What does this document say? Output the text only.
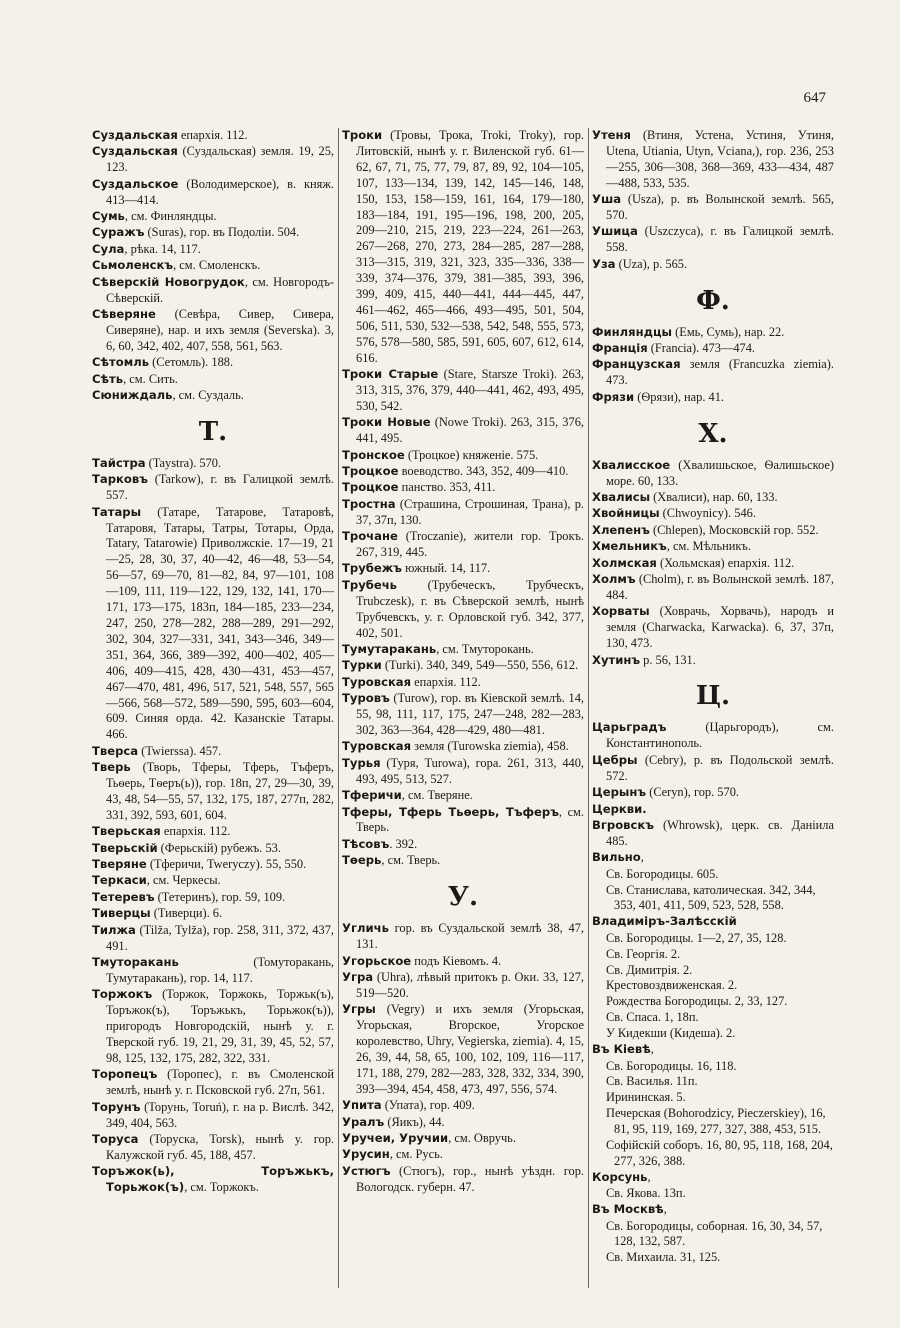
647
Суздальская епархія. 112.
Суздальская (Суздальская) земля. 19, 25, 123.
Суздальское (Володимерское), в. княж. 413—414.
Сумь, см. Финляндцы.
Суражъ (Suras), гор. въ Подоліи. 504.
Сула, рѣка. 14, 117.
Сьмоленскъ, см. Смоленскъ.
Сѣверскій Новогрудок, см. Новгородъ-Сѣверскій.
Сѣверяне (Севѣра, Сивер, Сивера, Сиверяне), нар. и ихъ земля (Severska). 3, 6, 60, 342, 402, 407, 558, 561, 563.
Сѣтомль (Сетомль). 188.
Сѣть, см. Сить.
Сюниждаль, см. Суздаль.
Т.
Тайстра (Taystra). 570.
Тарковъ (Tarkow), г. въ Галицкой землѣ. 557.
Татары (Татаре, Татарове, Татаровѣ, Татаровя, Татары, Татры, Тотары, Орда, Tatary, Tatarowie) Приволжскіе. 17—19, 21—25, 28, 30, 37, 40—42, 46—48, 53—54, 56—57, 69—70, 81—82, 84, 97—101, 108—109, 111, 119—122, 129, 132, 141, 170—171, 173—175, 183п, 184—185, 233—234, 247, 250, 278—282, 288—289, 291—292, 302, 304, 327—331, 341, 343—346, 349—351, 364, 366, 389—392, 400—402, 405—406, 409—415, 428, 430—431, 453—457, 467—470, 481, 496, 517, 521, 548, 557, 565—566, 568—572, 589—590, 595, 603—604, 609. Синяя орда. 42. Казанскіе Татары. 466.
Тверса (Twierssa). 457.
Тверь (Творь, Тферы, Тферь, Тъферъ, Тьѳерь, Тѳеръ(ь)), гор. 18п, 27, 29—30, 39, 43, 48, 54—55, 57, 132, 175, 187, 277п, 282, 331, 392, 593, 601, 604.
Тверьская епархія. 112.
Тверьскій (Ферьскій) рубежъ. 53.
Тверяне (Тферичи, Twerуczy). 55, 550.
Теркаси, см. Черкесы.
Тетеревъ (Тетеринъ), гор. 59, 109.
Тиверцы (Тиверци). 6.
Тилжа (Tilža, Tylža), гор. 258, 311, 372, 437, 491.
Тмуторакань (Томуторакань, Тумутаракань), гор. 14, 117.
Торжокъ (Торжок, Торжокь, Торжьк(ъ), Торъжок(ъ), Торъжькъ, Торьжок(ъ)), пригородъ Новгородскій, нынѣ у. г. Тверской губ. 19, 21, 29, 31, 39, 45, 52, 57, 98, 125, 132, 175, 282, 322, 331.
Торопецъ (Торопес), г. въ Смоленской землѣ, нынѣ у. г. Псковской губ. 27п, 561.
Торунъ (Торунь, Toruń), г. на р. Вислѣ. 342, 349, 404, 563.
Торуса (Торуска, Torsk), нынѣ у. гор. Калужской губ. 45, 188, 457.
Торъжок(ь), Торъжькъ, Торьжок(ъ), см. Торжокъ.
Троки (Тровы, Трока, Troki, Troky), гор. Литовскій, нынѣ у. г. Виленской губ. 61—62, 67, 71, 75, 77, 79, 87, 89, 92, 104—105, 107, 133—134, 139, 142, 145—146, 148, 150, 153, 158—159, 161, 164, 179—180, 183—184, 191, 195—196, 198, 200, 205, 209—210, 215, 219, 223—224, 261—263, 267—268, 270, 273, 284—285, 287—288, 313—315, 319, 321, 323, 335—336, 338—339, 374—376, 379, 381—385, 393, 396, 399, 409, 415, 440—441, 444—445, 447, 461—462, 465—466, 493—495, 501, 504, 506, 511, 530, 532—538, 542, 548, 555, 573, 576, 578—580, 585, 591, 605, 607, 612, 614, 616.
Троки Старые (Stare, Starsze Troki). 263, 313, 315, 376, 379, 440—441, 462, 493, 495, 530, 542.
Троки Новые (Nowe Troki). 263, 315, 376, 441, 495.
Тронское (Троцкое) княженіе. 575.
Троцкое воеводство. 343, 352, 409—410.
Троцкое панство. 353, 411.
Тростна (Страшина, Строшиная, Трана), р. 37, 37п, 130.
Трочане (Troczanie), жители гор. Трокъ. 267, 319, 445.
Трубежъ южный. 14, 117.
Трубечь (Трубеческъ, Трубческъ, Trubczesk), г. въ Сѣверской землѣ, нынѣ Трубчевскъ, у. г. Орловской губ. 342, 377, 402, 501.
Тумутаракань, см. Тмуторокань.
Турки (Turki). 340, 349, 549—550, 556, 612.
Туровская епархія. 112.
Туровъ (Turow), гор. въ Кіевской землѣ. 14, 55, 98, 111, 117, 175, 247—248, 282—283, 302, 363—364, 428—429, 480—481.
Туровская земля (Turowska ziemia), 458.
Турья (Туря, Turowa), гора. 261, 313, 440, 493, 495, 513, 527.
Тферичи, см. Тверяне.
Тферы, Тферь Тьѳерь, Тъферъ, см. Тверь.
Тѣсовъ. 392.
Тѳерь, см. Тверь.
У.
Угличь гор. въ Суздальской землѣ 38, 47, 131.
Угорьское подъ Кіевомъ. 4.
Угра (Uhra), лѣвый притокъ р. Оки. 33, 127, 519—520.
Угры (Vegry) и ихъ земля (Угорьская, Угорьская, Вгорское, Угорское королевство, Uhry, Vegierska, ziemia). 4, 15, 26, 39, 44, 58, 65, 100, 102, 109, 116—117, 171, 188, 279, 282—283, 328, 332, 334, 390, 393—394, 454, 458, 473, 497, 556, 574.
Упита (Упата), гор. 409.
Уралъ (Яикъ), 44.
Уручеи, Уручии, см. Овручь.
Урусин, см. Русь.
Устюгъ (Стюгъ), гор., нынѣ уѣздн. гор. Вологодск. губерн. 47.
Утеня (Втиня, Устена, Устиня, Утиня, Utena, Utiania, Utyn, Vciana,), гор. 236, 253—255, 306—308, 368—369, 433—434, 487—488, 533, 535.
Уша (Usza), р. въ Волынской землѣ. 565, 570.
Ушица (Uszczyca), г. въ Галицкой землѣ. 558.
Уза (Uza), р. 565.
Ф.
Финляндцы (Емь, Сумь), нар. 22.
Франція (Francia). 473—474.
Французская земля (Francuzka ziemia). 473.
Фрязи (Ѳрязи), нар. 41.
Х.
Хвалисское (Хвалишьское, Ѳалишьское) море. 60, 133.
Хвалисы (Хвалиси), нар. 60, 133.
Хвойницы (Chwoynicy). 546.
Хлепенъ (Chlepen), Московскій гор. 552.
Хмельникъ, см. Мѣльникъ.
Холмская (Хольмская) епархія. 112.
Холмъ (Cholm), г. въ Волынской землѣ. 187, 484.
Хорваты (Ховрачь, Хорвачь), народъ и земля (Charwacka, Karwacka). 6, 37, 37п, 130, 473.
Хутинъ р. 56, 131.
Ц.
Царьградъ (Царьгородъ), см. Константинополь.
Цебры (Cebry), р. въ Подольской землѣ. 572.
Церынъ (Ceryn), гор. 570.
Церкви.
Вгровскъ (Whrowsk), церк. св. Даніила 485.
Вильно,
Св. Богородицы. 605.
Св. Станислава, католическая. 342, 344, 353, 401, 411, 509, 523, 528, 558.
Владиміръ-Залѣсскій
Св. Богородицы. 1—2, 27, 35, 128.
Св. Георгія. 2.
Св. Димитрія. 2.
Крестовоздвиженская. 2.
Рождества Богородицы. 2, 33, 127.
Св. Спаса. 1, 18п.
У Кидекши (Кидеша). 2.
Въ Кіевѣ,
Св. Богородицы. 16, 118.
Св. Василья. 11п.
Ирининская. 5.
Печерская (Bohorodzicy, Pieczerskiey), 16, 81, 95, 119, 169, 277, 327, 388, 453, 515.
Софійскій соборъ. 16, 80, 95, 118, 168, 204, 277, 326, 388.
Корсунь,
Св. Якова. 13п.
Въ Москвѣ,
Св. Богородицы, соборная. 16, 30, 34, 57, 128, 132, 587.
Св. Михаила. 31, 125.
